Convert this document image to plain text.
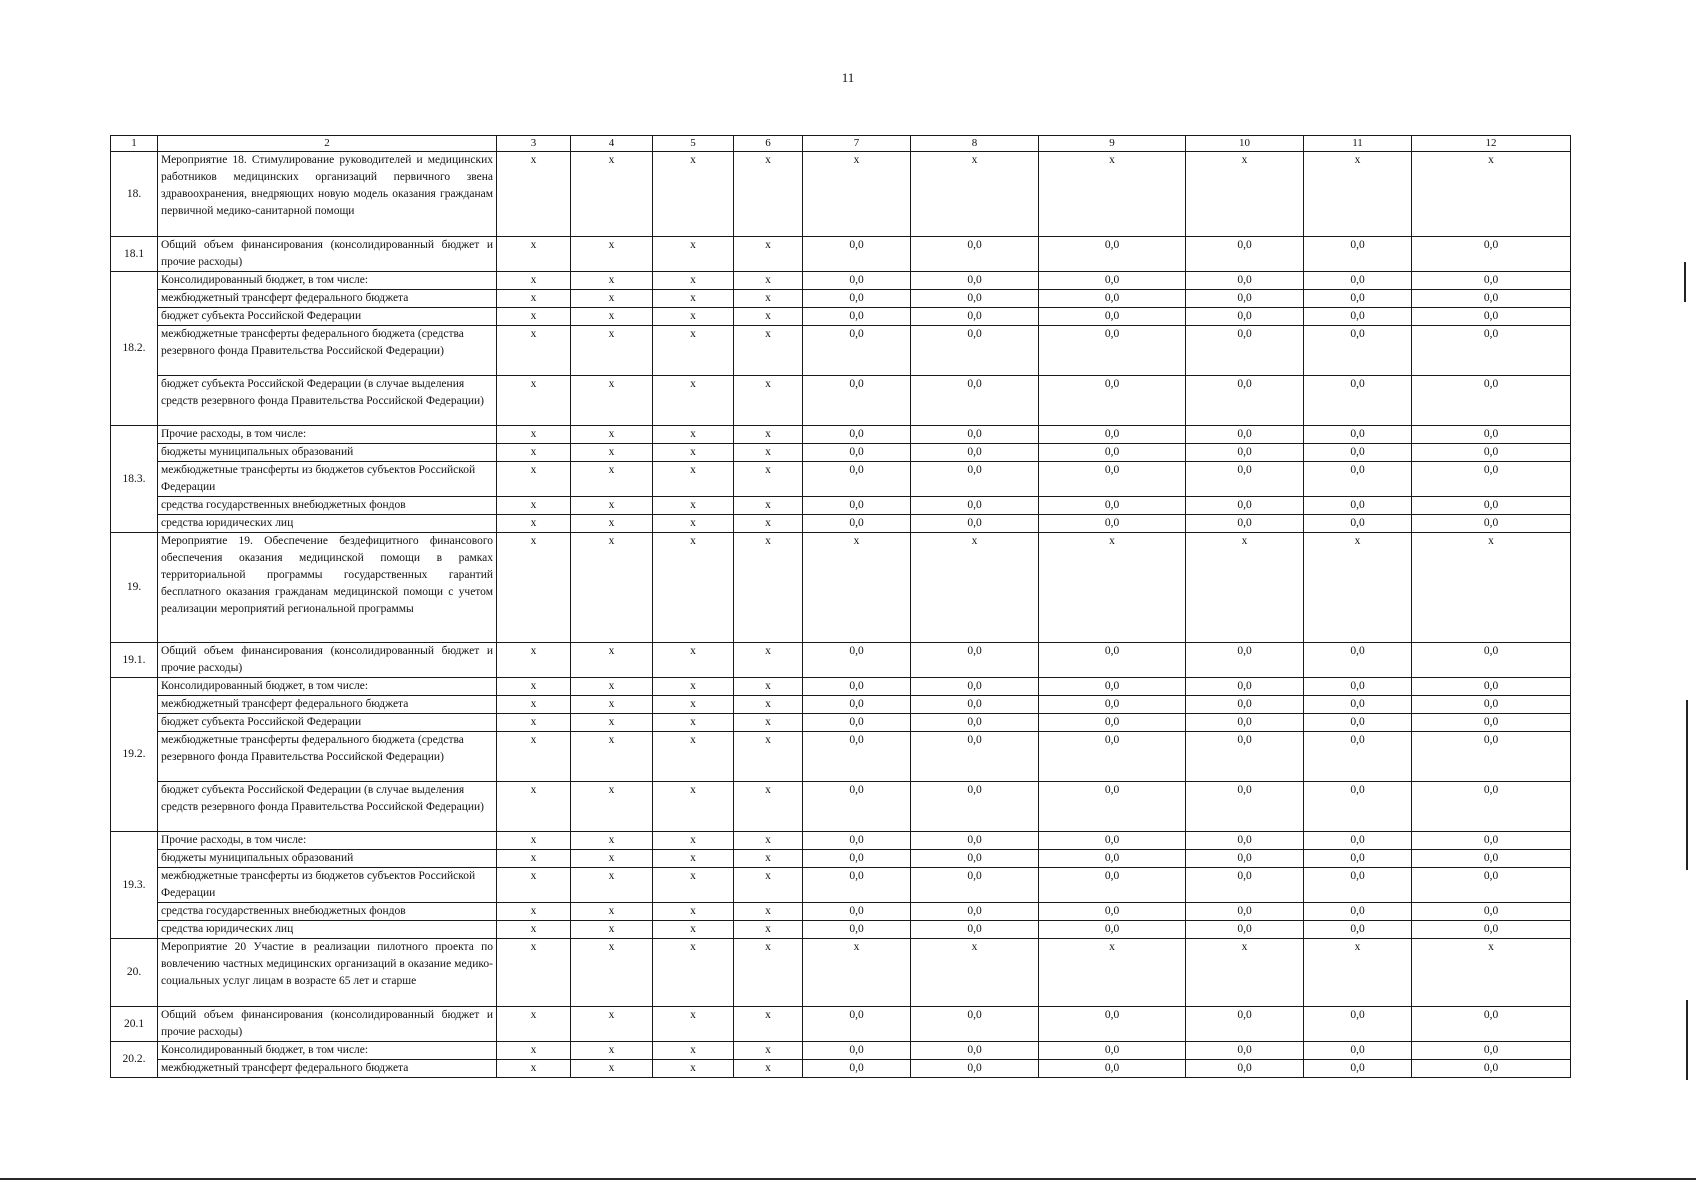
11
1	2	3	4	5	6	7	8	9	10	11	12
18.	Мероприятие 18. Стимулирование руководителей и медицинских работников медицинских организаций первичного звена здравоохранения, внедряющих новую модель оказания гражданам первичной медико-санитарной помощи	x	x	x	x	x	x	x	x	x	x
18.1	Общий объем финансирования (консолидированный бюджет и прочие расходы)	x	x	x	x	0,0	0,0	0,0	0,0	0,0	0,0
18.2.	Консолидированный бюджет, в том числе:	x	x	x	x	0,0	0,0	0,0	0,0	0,0	0,0
	межбюджетный трансферт федерального бюджета	x	x	x	x	0,0	0,0	0,0	0,0	0,0	0,0
	бюджет субъекта Российской Федерации	x	x	x	x	0,0	0,0	0,0	0,0	0,0	0,0
	межбюджетные трансферты федерального бюджета (средства резервного фонда Правительства Российской Федерации)	x	x	x	x	0,0	0,0	0,0	0,0	0,0	0,0
	бюджет субъекта Российской Федерации (в случае выделения средств резервного фонда Правительства Российской Федерации)	x	x	x	x	0,0	0,0	0,0	0,0	0,0	0,0
18.3.	Прочие расходы, в том числе:	x	x	x	x	0,0	0,0	0,0	0,0	0,0	0,0
	бюджеты муниципальных образований	x	x	x	x	0,0	0,0	0,0	0,0	0,0	0,0
	межбюджетные трансферты из бюджетов субъектов Российской Федерации	x	x	x	x	0,0	0,0	0,0	0,0	0,0	0,0
	средства государственных внебюджетных фондов	x	x	x	x	0,0	0,0	0,0	0,0	0,0	0,0
	средства юридических лиц	x	x	x	x	0,0	0,0	0,0	0,0	0,0	0,0
19.	Мероприятие 19. Обеспечение бездефицитного финансового обеспечения оказания медицинской помощи в рамках территориальной программы государственных гарантий бесплатного оказания гражданам медицинской помощи с учетом реализации мероприятий региональной программы	x	x	x	x	x	x	x	x	x	x
19.1.	Общий объем финансирования (консолидированный бюджет и прочие расходы)	x	x	x	x	0,0	0,0	0,0	0,0	0,0	0,0
19.2.	Консолидированный бюджет, в том числе:	x	x	x	x	0,0	0,0	0,0	0,0	0,0	0,0
	межбюджетный трансферт федерального бюджета	x	x	x	x	0,0	0,0	0,0	0,0	0,0	0,0
	бюджет субъекта Российской Федерации	x	x	x	x	0,0	0,0	0,0	0,0	0,0	0,0
	межбюджетные трансферты федерального бюджета (средства резервного фонда Правительства Российской Федерации)	x	x	x	x	0,0	0,0	0,0	0,0	0,0	0,0
	бюджет субъекта Российской Федерации (в случае выделения средств резервного фонда Правительства Российской Федерации)	x	x	x	x	0,0	0,0	0,0	0,0	0,0	0,0
19.3.	Прочие расходы, в том числе:	x	x	x	x	0,0	0,0	0,0	0,0	0,0	0,0
	бюджеты муниципальных образований	x	x	x	x	0,0	0,0	0,0	0,0	0,0	0,0
	межбюджетные трансферты из бюджетов субъектов Российской Федерации	x	x	x	x	0,0	0,0	0,0	0,0	0,0	0,0
	средства государственных внебюджетных фондов	x	x	x	x	0,0	0,0	0,0	0,0	0,0	0,0
	средства юридических лиц	x	x	x	x	0,0	0,0	0,0	0,0	0,0	0,0
20.	Мероприятие 20 Участие в реализации пилотного проекта по вовлечению частных медицинских организаций в оказание медико-социальных услуг лицам в возрасте 65 лет и старше	x	x	x	x	x	x	x	x	x	x
20.1	Общий объем финансирования (консолидированный бюджет и прочие расходы)	x	x	x	x	0,0	0,0	0,0	0,0	0,0	0,0
20.2.	Консолидированный бюджет, в том числе:	x	x	x	x	0,0	0,0	0,0	0,0	0,0	0,0
	межбюджетный трансферт федерального бюджета	x	x	x	x	0,0	0,0	0,0	0,0	0,0	0,0
